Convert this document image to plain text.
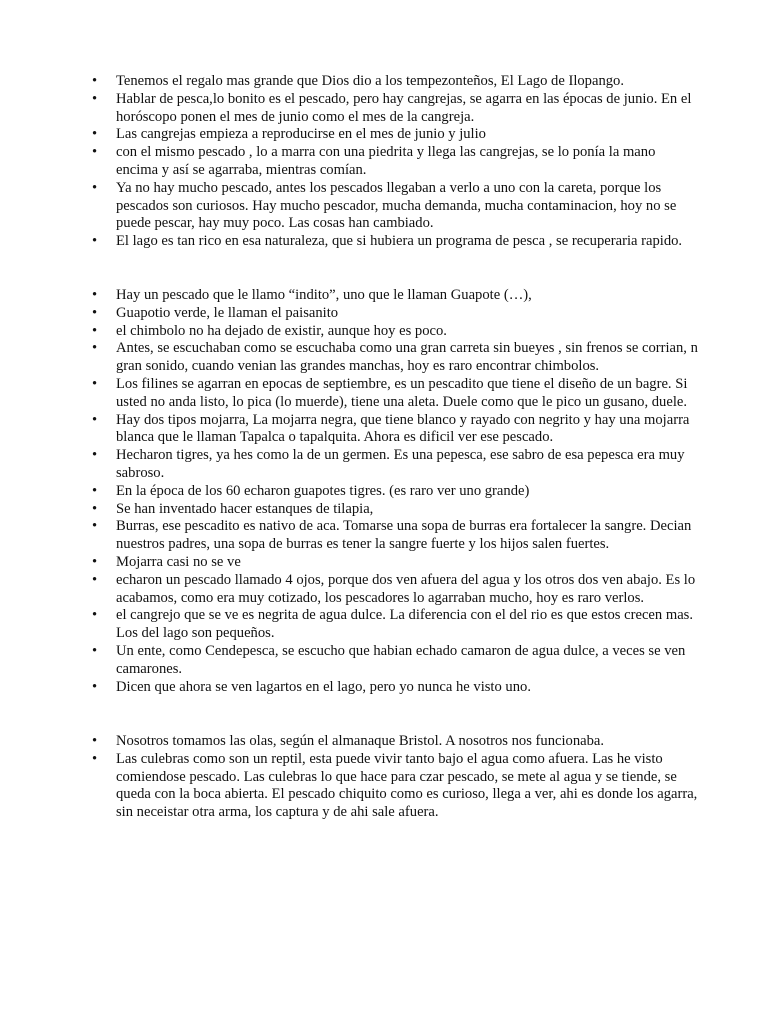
•	Tenemos el regalo mas grande que Dios dio a los tempezonteños, El Lago de Ilopango.
•	Hablar de pesca,lo bonito es el pescado, pero hay cangrejas, se agarra en las épocas de junio. En el horóscopo ponen el mes de junio como el mes de la cangreja.
•	Las cangrejas empieza a reproducirse en el mes de junio y julio
•	con el mismo pescado , lo a marra con una piedrita y llega las cangrejas, se lo ponía la mano encima y así se agarraba, mientras comían.
•	Ya no hay mucho pescado, antes los pescados llegaban a verlo a uno con la careta, porque los pescados son curiosos. Hay mucho pescador, mucha demanda, mucha contaminacion, hoy no se puede pescar, hay muy poco. Las cosas han cambiado.
•	El lago es tan rico en esa naturaleza, que si hubiera un programa de pesca , se recuperaria rapido.
•	Hay un pescado que le llamo “indito”, uno que le llaman Guapote (…),
•	Guapotio verde, le llaman el paisanito
•	el chimbolo no ha dejado de existir, aunque hoy es poco.
•	Antes, se escuchaban como se escuchaba como una gran carreta sin bueyes , sin frenos se corrian, n gran sonido, cuando venian las grandes manchas, hoy es raro encontrar chimbolos.
•	Los filines se agarran en epocas de septiembre, es un pescadito que tiene el diseño de un bagre. Si usted no anda listo, lo pica (lo muerde), tiene una aleta. Duele como que le pico un gusano, duele.
•	Hay dos tipos mojarra, La mojarra negra, que tiene blanco y rayado con negrito y hay una mojarra blanca que le llaman Tapalca o tapalquita. Ahora es dificil ver ese pescado.
•	Hecharon tigres, ya hes como la de un germen. Es una pepesca, ese sabro de esa pepesca era muy sabroso.
•	En la época de los 60 echaron guapotes tigres. (es raro ver uno grande)
•	Se han inventado hacer estanques de tilapia,
•	Burras, ese pescadito es nativo de aca. Tomarse una sopa de burras era fortalecer la sangre. Decian nuestros padres, una sopa de burras es tener la sangre fuerte y los hijos salen fuertes.
•	Mojarra casi no se ve
•	echaron un pescado llamado 4 ojos, porque dos ven afuera del agua y los otros dos ven abajo. Es lo acabamos, como era muy cotizado, los pescadores lo agarraban mucho, hoy es raro verlos.
•	el cangrejo que se ve es negrita de agua dulce. La diferencia con el del rio es que estos crecen mas. Los del lago son pequeños.
•	Un ente, como Cendepesca, se escucho que habian echado camaron de agua dulce, a veces se ven camarones.
•	Dicen que ahora se ven lagartos en el lago, pero yo nunca he visto uno.
•	Nosotros tomamos las olas, según el almanaque Bristol. A nosotros nos funcionaba.
•	Las culebras como son un reptil, esta puede vivir tanto bajo el agua como afuera. Las he visto comiendose pescado. Las culebras lo que hace para czar pescado, se mete al agua y se tiende, se queda con la boca abierta. El pescado chiquito como es curioso, llega a ver, ahi es donde los agarra, sin neceistar otra arma, los captura y de ahi sale afuera.
